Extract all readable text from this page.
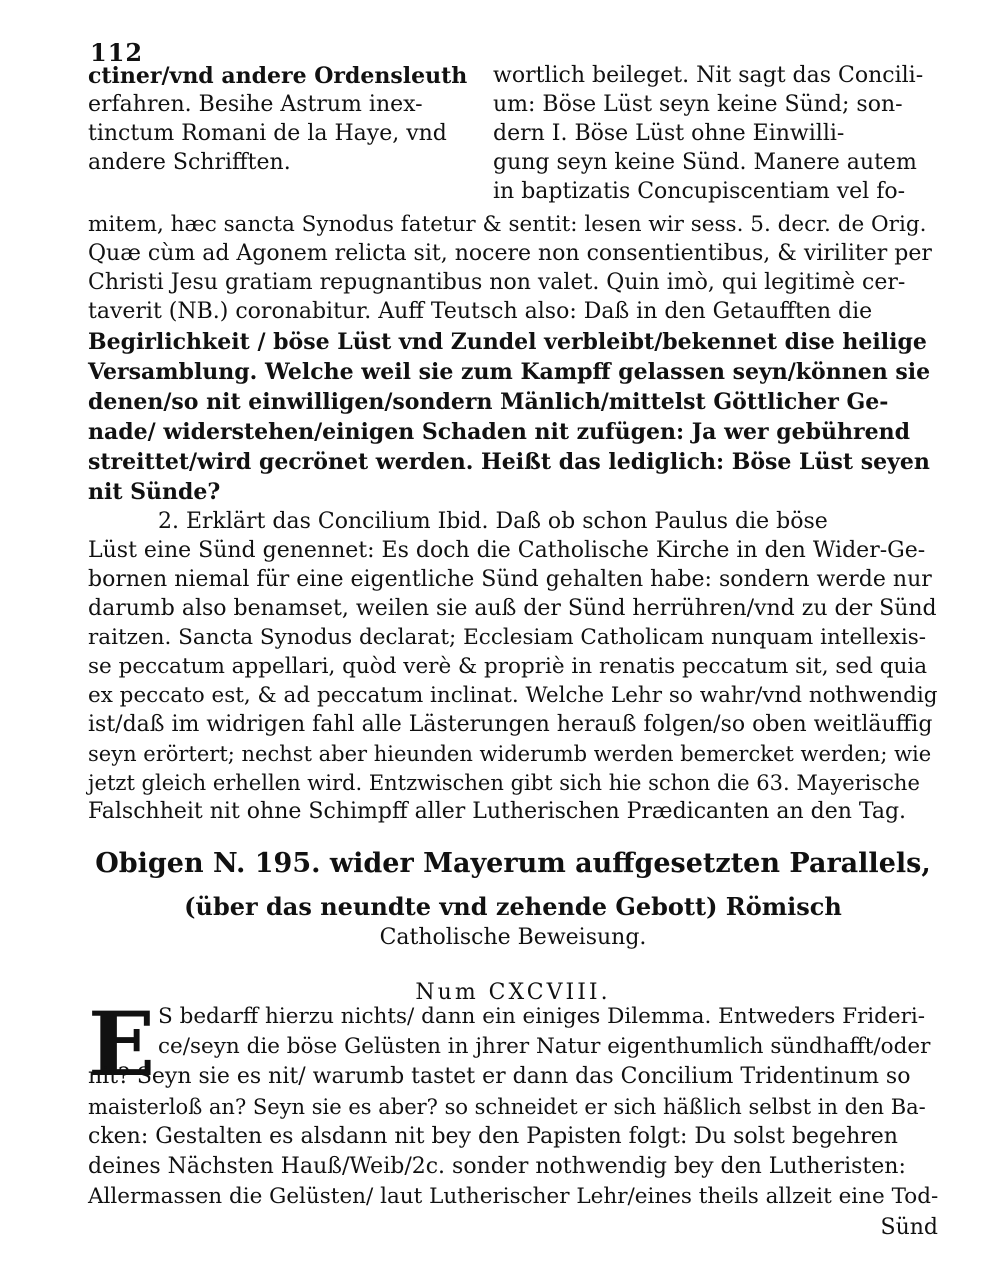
112
ctiner/vnd andere Ordensleuth
erfahren. Besihe Astrum inex-
tinctum Romani de la Haye, vnd
andere Schrifften.
wortlich beileget. Nit sagt das Concili-
um: Böse Lüst seyn keine Sünd; son-
dern I. Böse Lüst ohne Einwilli-
gung seyn keine Sünd. Manere autem
in baptizatis Concupiscentiam vel fo-
mitem, hæc sancta Synodus fatetur & sentit: lesen wir sess. 5. decr. de Orig.
Quæ cùm ad Agonem relicta sit, nocere non consentientibus, & viriliter per
Christi Jesu gratiam repugnantibus non valet. Quin imò, qui legitimè cer-
taverit (NB.) coronabitur. Auff Teutsch also: Daß in den Getaufften die
Begirlichkeit / böse Lüst vnd Zundel verbleibt/bekennet dise heilige
Versamblung. Welche weil sie zum Kampff gelassen seyn/können sie
denen/so nit einwilligen/sondern Mänlich/mittelst Göttlicher Ge-
nade/ widerstehen/einigen Schaden nit zufügen: Ja wer gebührend
streittet/wird gecrönet werden. Heißt das lediglich: Böse Lüst seyen
nit Sünde?
2. Erklärt das Concilium Ibid. Daß ob schon Paulus die böse
Lüst eine Sünd genennet: Es doch die Catholische Kirche in den Wider-Ge-
bornen niemal für eine eigentliche Sünd gehalten habe: sondern werde nur
darumb also benamset, weilen sie auß der Sünd herrühren/vnd zu der Sünd
raitzen. Sancta Synodus declarat; Ecclesiam Catholicam nunquam intellexis-
se peccatum appellari, quòd verè & propriè in renatis peccatum sit, sed quia
ex peccato est, & ad peccatum inclinat. Welche Lehr so wahr/vnd nothwendig
ist/daß im widrigen fahl alle Lästerungen herauß folgen/so oben weitläuffig
seyn erörtert; nechst aber hieunden widerumb werden bemercket werden; wie
jetzt gleich erhellen wird. Entzwischen gibt sich hie schon die 63. Mayerische
Falschheit nit ohne Schimpff aller Lutherischen Prædicanten an den Tag.
Obigen N. 195. wider Mayerum auffgesetzten Parallels,
(über das neundte vnd zehende Gebott) Römisch
Catholische Beweisung.
Num CXCVIII.
E S bedarff hierzu nichts/ dann ein einiges Dilemma. Entweders Frideri-
ce/seyn die böse Gelüsten in jhrer Natur eigenthumlich sündhafft/oder
nit? Seyn sie es nit/ warumb tastet er dann das Concilium Tridentinum so
maisterloß an? Seyn sie es aber? so schneidet er sich häßlich selbst in den Ba-
cken: Gestalten es alsdann nit bey den Papisten folgt: Du solst begehren
deines Nächsten Hauß/Weib/2c. sonder nothwendig bey den Lutheristen:
Allermassen die Gelüsten/ laut Lutherischer Lehr/eines theils allzeit eine Tod-
Sünd
